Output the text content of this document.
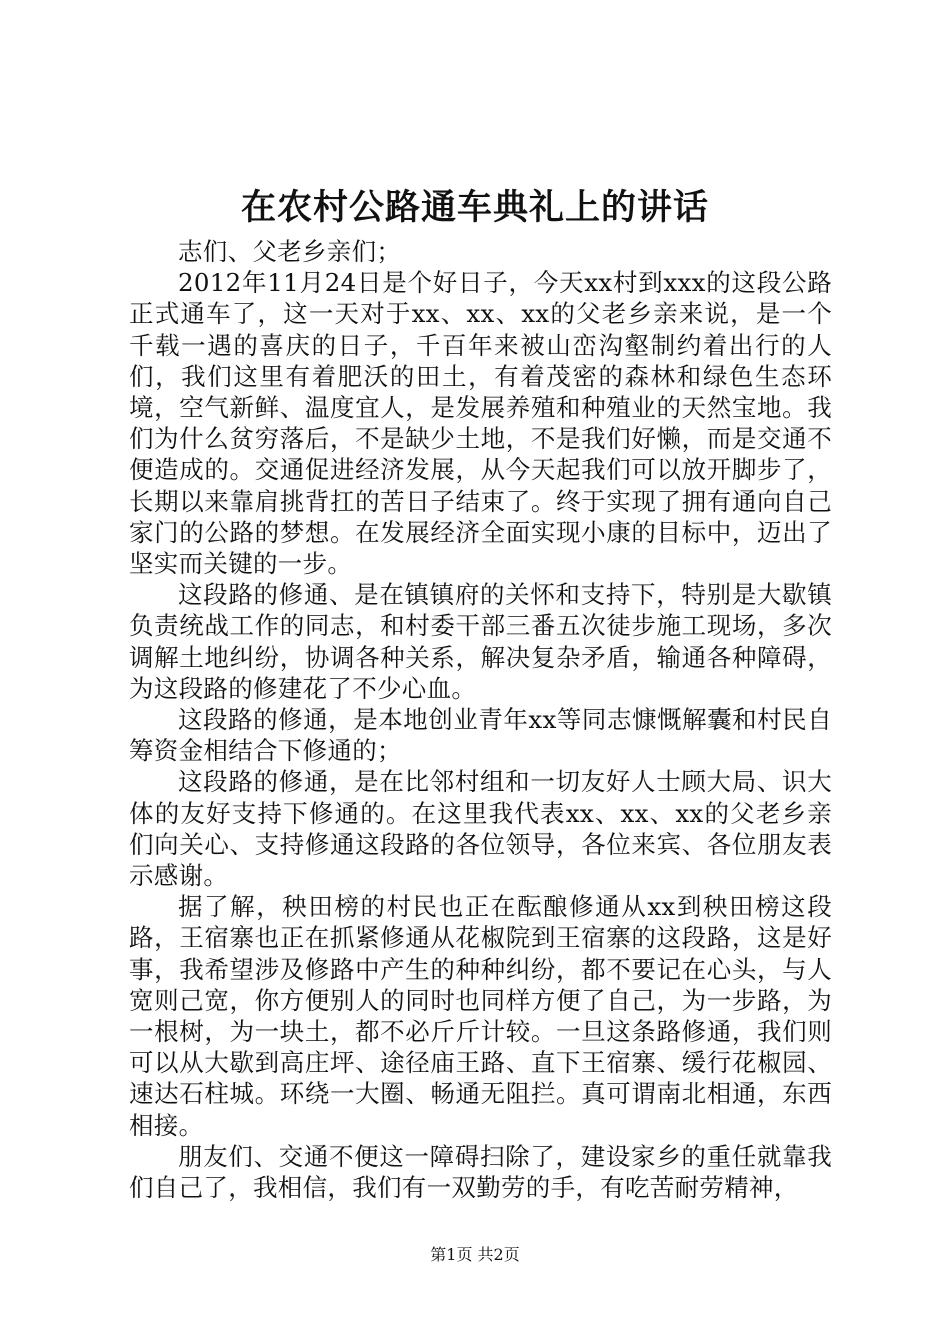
在农村公路通车典礼上的讲话

志们、父老乡亲们；

2012年11月24日是个好日子，今天xx村到xxx的这段公路正式通车了，这一天对于xx、xx、xx的父老乡亲来说，是一个千载一遇的喜庆的日子，千百年来被山峦沟壑制约着出行的人们，我们这里有着肥沃的田土，有着茂密的森林和绿色生态环境，空气新鲜、温度宜人，是发展养殖和种殖业的天然宝地。我们为什么贫穷落后，不是缺少土地，不是我们好懒，而是交通不便造成的。交通促进经济发展，从今天起我们可以放开脚步了，长期以来靠肩挑背扛的苦日子结束了。终于实现了拥有通向自己家门的公路的梦想。在发展经济全面实现小康的目标中，迈出了坚实而关键的一步。

这段路的修通、是在镇镇府的关怀和支持下，特别是大歇镇负责统战工作的同志，和村委干部三番五次徒步施工现场，多次调解土地纠纷，协调各种关系，解决复杂矛盾，输通各种障碍，为这段路的修建花了不少心血。

这段路的修通，是本地创业青年xx等同志慷慨解囊和村民自筹资金相结合下修通的；

这段路的修通，是在比邻村组和一切友好人士顾大局、识大体的友好支持下修通的。在这里我代表xx、xx、xx的父老乡亲们向关心、支持修通这段路的各位领导，各位来宾、各位朋友表示感谢。

据了解，秧田榜的村民也正在酝酿修通从xx到秧田榜这段路，王宿寨也正在抓紧修通从花椒院到王宿寨的这段路，这是好事，我希望涉及修路中产生的种种纠纷，都不要记在心头，与人宽则己宽，你方便别人的同时也同样方便了自己，为一步路，为一根树，为一块土，都不必斤斤计较。一旦这条路修通，我们则可以从大歇到高庄坪、途径庙王路、直下王宿寨、缓行花椒园、速达石柱城。环绕一大圈、畅通无阻拦。真可谓南北相通，东西相接。

朋友们、交通不便这一障碍扫除了，建设家乡的重任就靠我们自己了，我相信，我们有一双勤劳的手，有吃苦耐劳精神，

第1页 共2页
